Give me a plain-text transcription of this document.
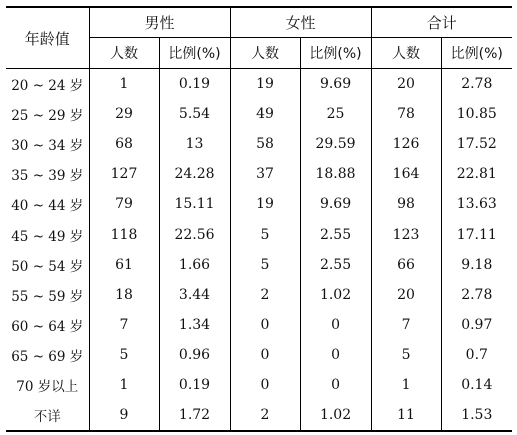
年龄值	男性		女性		合计	
	人数	比例(%)	人数	比例(%)	人数	比例(%)
20 ~ 24 岁	1	0.19	19	9.69	20	2.78
25 ~ 29 岁	29	5.54	49	25	78	10.85
30 ~ 34 岁	68	13	58	29.59	126	17.52
35 ~ 39 岁	127	24.28	37	18.88	164	22.81
40 ~ 44 岁	79	15.11	19	9.69	98	13.63
45 ~ 49 岁	118	22.56	5	2.55	123	17.11
50 ~ 54 岁	61	1.66	5	2.55	66	9.18
55 ~ 59 岁	18	3.44	2	1.02	20	2.78
60 ~ 64 岁	7	1.34	0	0	7	0.97
65 ~ 69 岁	5	0.96	0	0	5	0.7
70 岁以上	1	0.19	0	0	1	0.14
不详	9	1.72	2	1.02	11	1.53
